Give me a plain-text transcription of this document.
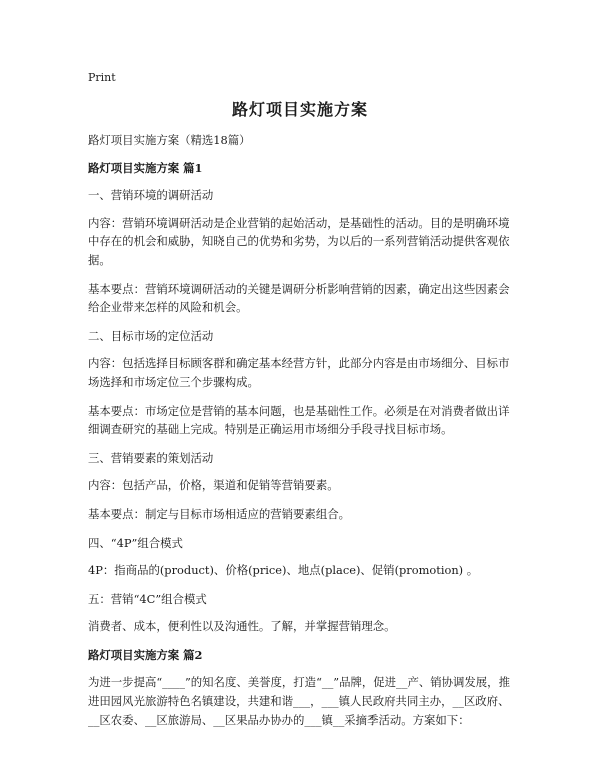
Print
路灯项目实施方案

路灯项目实施方案（精选18篇）

路灯项目实施方案 篇1

一、营销环境的调研活动

内容：营销环境调研活动是企业营销的起始活动，是基础性的活动。目的是明确环境中存在的机会和威胁，知晓自己的优势和劣势，为以后的一系列营销活动提供客观依据。

基本要点：营销环境调研活动的关键是调研分析影响营销的因素，确定出这些因素会给企业带来怎样的风险和机会。

二、目标市场的定位活动

内容：包括选择目标顾客群和确定基本经营方针，此部分内容是由市场细分、目标市场选择和市场定位三个步骤构成。

基本要点：市场定位是营销的基本问题，也是基础性工作。必须是在对消费者做出详细调查研究的基础上完成。特别是正确运用市场细分手段寻找目标市场。

三、营销要素的策划活动

内容：包括产品，价格，渠道和促销等营销要素。

基本要点：制定与目标市场相适应的营销要素组合。

四、“4P”组合模式

4P：指商品的(product)、价格(price)、地点(place)、促销(promotion) 。

五：营销“4C”组合模式

消费者、成本，便利性以及沟通性。了解，并掌握营销理念。

路灯项目实施方案 篇2

为进一步提高“____”的知名度、美誉度，打造“__”品牌，促进__产、销协调发展，推进田园风光旅游特色名镇建设，共建和谐___，___镇人民政府共同主办，__区政府、__区农委、__区旅游局、__区果品办协办的___镇__采摘季活动。方案如下：
